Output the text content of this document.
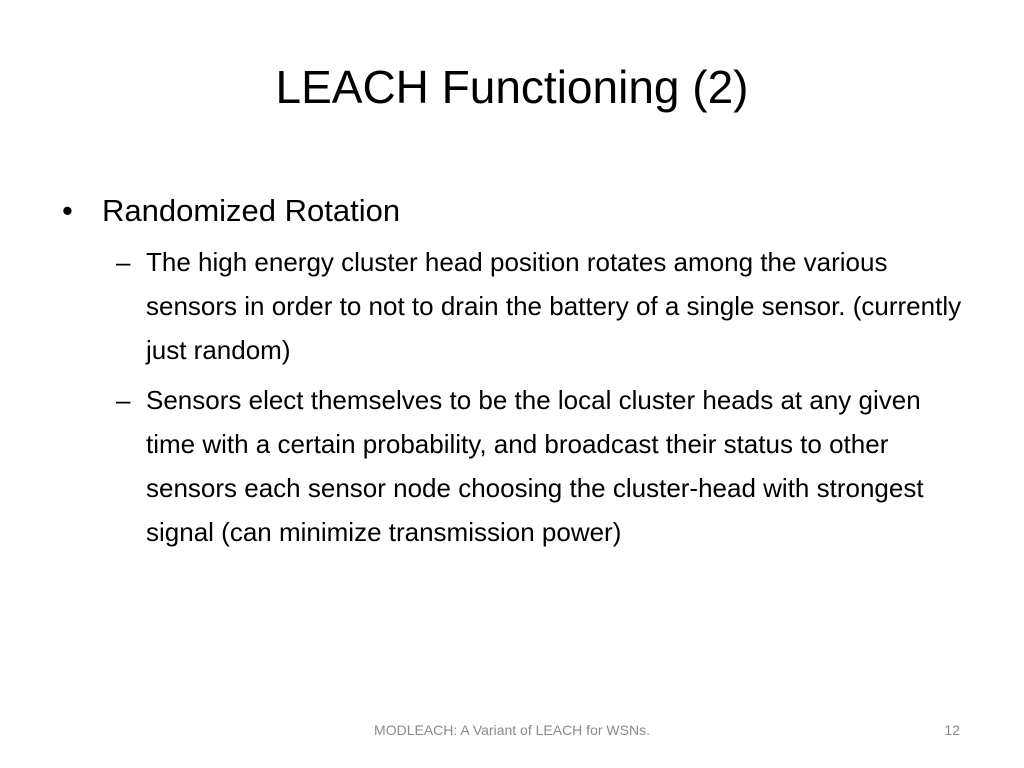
LEACH Functioning (2)
• Randomized Rotation
– The high energy cluster head position rotates among the various sensors in order to not to drain the battery of a single sensor. (currently just random)
– Sensors elect themselves to be the local cluster heads at any given time with a certain probability, and broadcast their status to other sensors each sensor node choosing the cluster-head with strongest signal (can minimize transmission power)
MODLEACH: A Variant of LEACH for WSNs.	12
